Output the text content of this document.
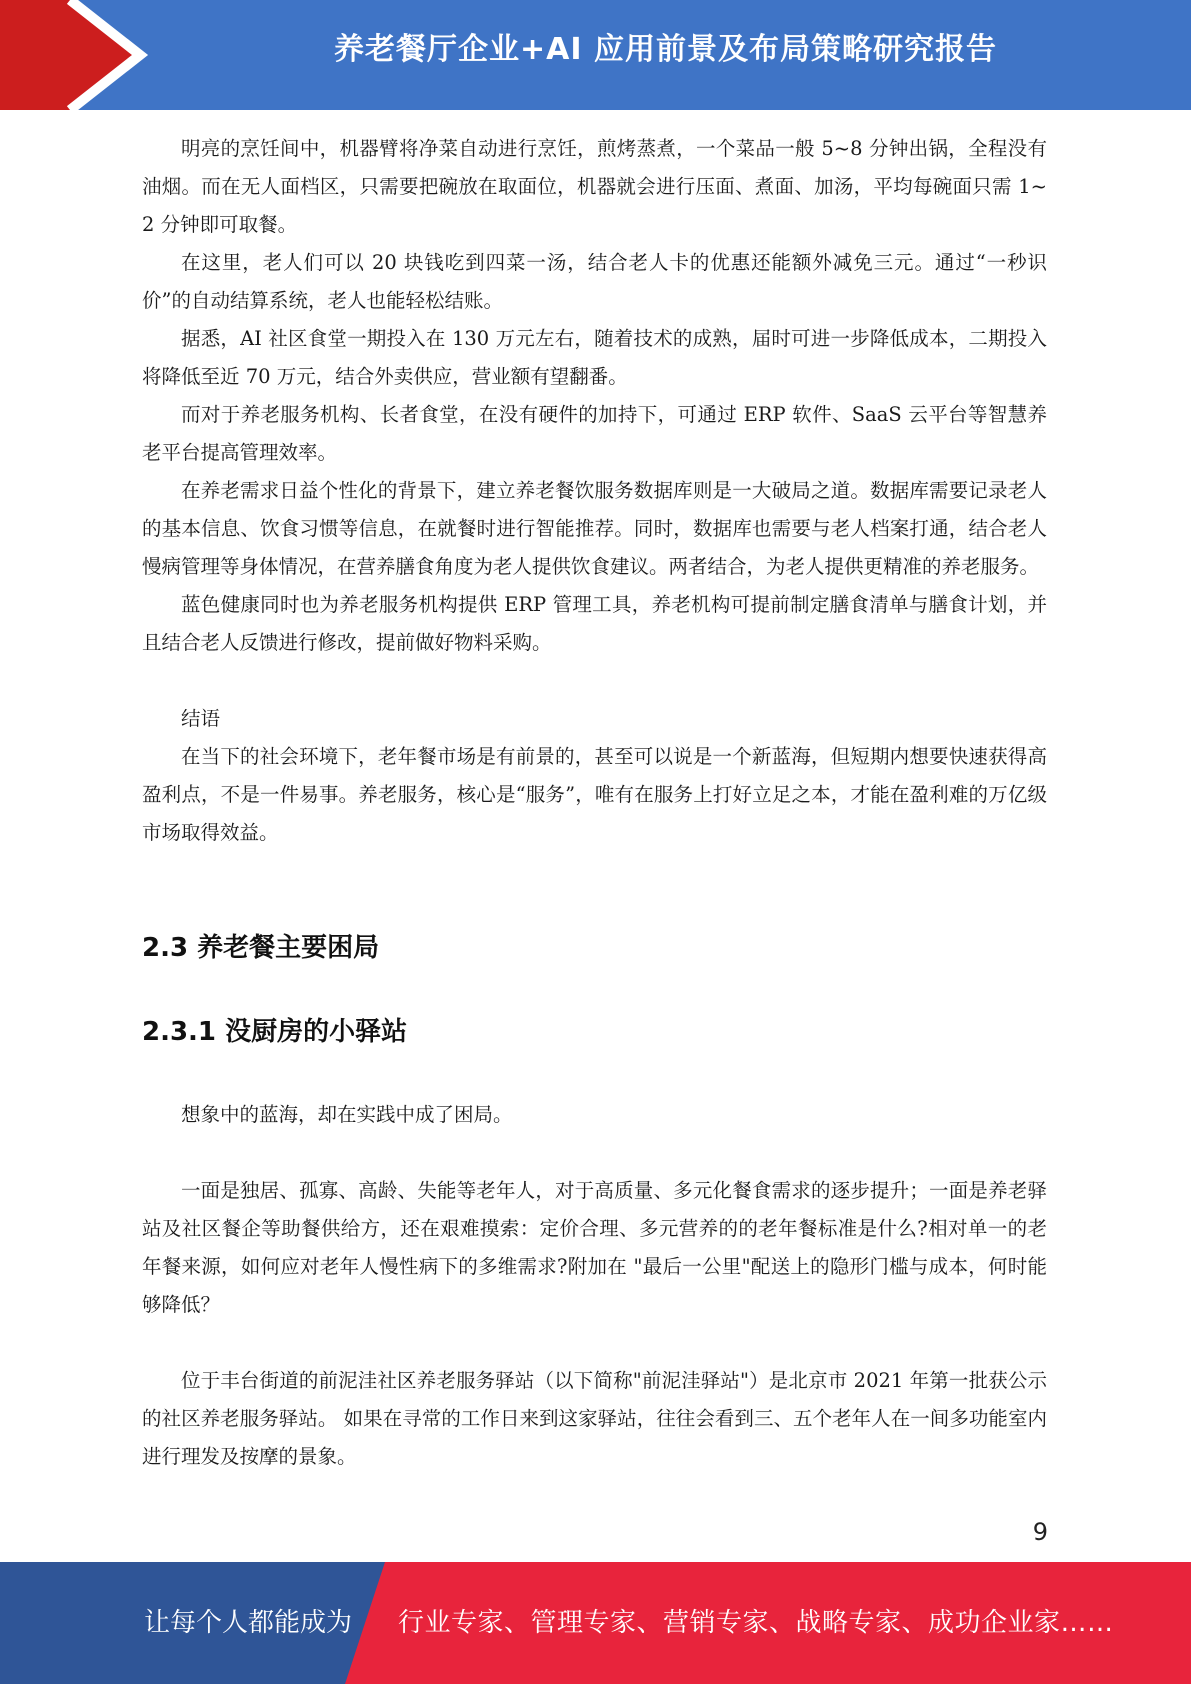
养老餐厅企业+AI 应用前景及布局策略研究报告

明亮的烹饪间中，机器臂将净菜自动进行烹饪，煎烤蒸煮，一个菜品一般 5~8 分钟出锅，全程没有油烟。而在无人面档区，只需要把碗放在取面位，机器就会进行压面、煮面、加汤，平均每碗面只需 1~2 分钟即可取餐。

在这里，老人们可以 20 块钱吃到四菜一汤，结合老人卡的优惠还能额外减免三元。通过“一秒识价”的自动结算系统，老人也能轻松结账。

据悉，AI 社区食堂一期投入在 130 万元左右，随着技术的成熟，届时可进一步降低成本，二期投入将降低至近 70 万元，结合外卖供应，营业额有望翻番。

而对于养老服务机构、长者食堂，在没有硬件的加持下，可通过 ERP 软件、SaaS 云平台等智慧养老平台提高管理效率。

在养老需求日益个性化的背景下，建立养老餐饮服务数据库则是一大破局之道。数据库需要记录老人的基本信息、饮食习惯等信息，在就餐时进行智能推荐。同时，数据库也需要与老人档案打通，结合老人慢病管理等身体情况，在营养膳食角度为老人提供饮食建议。两者结合，为老人提供更精准的养老服务。

蓝色健康同时也为养老服务机构提供 ERP 管理工具，养老机构可提前制定膳食清单与膳食计划，并且结合老人反馈进行修改，提前做好物料采购。

结语

在当下的社会环境下，老年餐市场是有前景的，甚至可以说是一个新蓝海，但短期内想要快速获得高盈利点，不是一件易事。养老服务，核心是“服务”，唯有在服务上打好立足之本，才能在盈利难的万亿级市场取得效益。

2.3 养老餐主要困局
2.3.1 没厨房的小驿站

想象中的蓝海，却在实践中成了困局。

一面是独居、孤寡、高龄、失能等老年人，对于高质量、多元化餐食需求的逐步提升；一面是养老驿站及社区餐企等助餐供给方，还在艰难摸索：定价合理、多元营养的的老年餐标准是什么?相对单一的老年餐来源，如何应对老年人慢性病下的多维需求?附加在 "最后一公里"配送上的隐形门槛与成本，何时能够降低？

位于丰台街道的前泥洼社区养老服务驿站（以下简称"前泥洼驿站"）是北京市 2021 年第一批获公示的社区养老服务驿站。 如果在寻常的工作日来到这家驿站，往往会看到三、五个老年人在一间多功能室内进行理发及按摩的景象。

9
让每个人都能成为 行业专家、管理专家、营销专家、战略专家、成功企业家……
